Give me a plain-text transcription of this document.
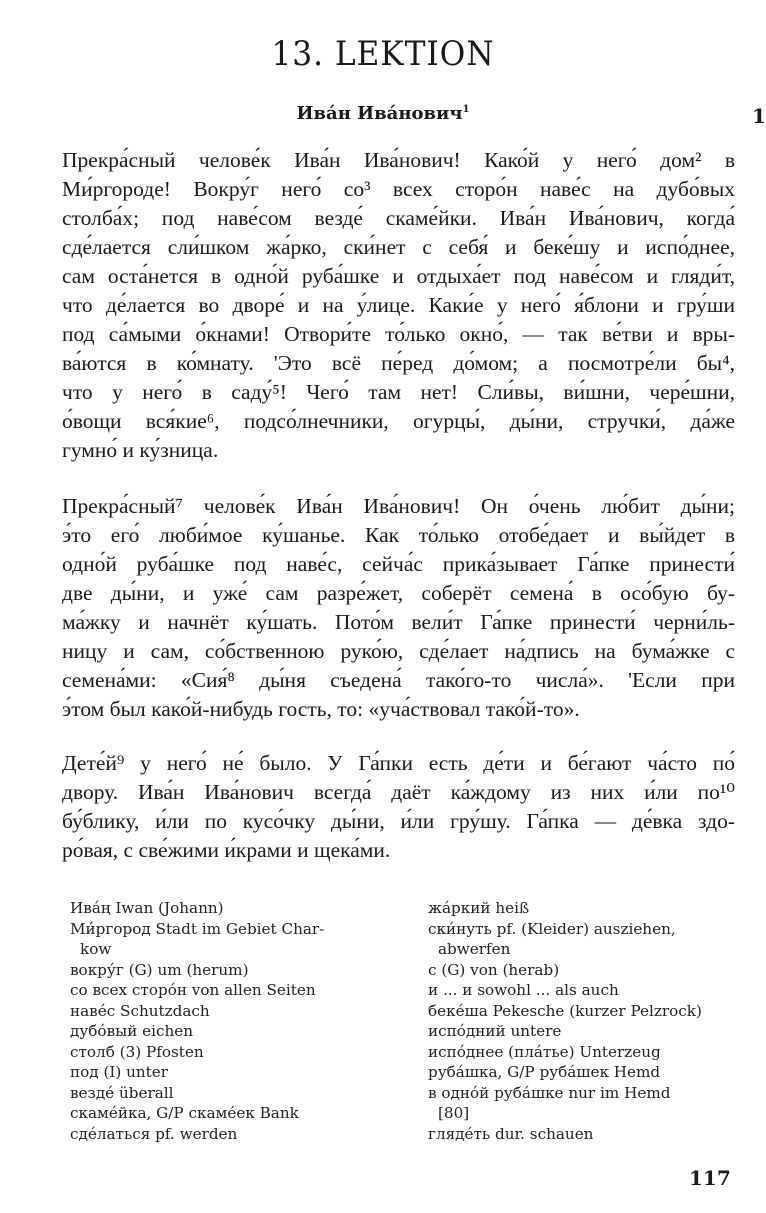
13. LEKTION
Ива́н Ива́нович$^1$	1
Прекра́сный челове́к Ива́н Ива́нович! Како́й у него́ дом² в
Ми́ргороде! Вокру́г него́ со³ всех сторо́н наве́с на дубо́вых
столба́х; под наве́сом везде́ скаме́йки. Ива́н Ива́нович, когда́
сде́лается сли́шком жа́рко, ски́нет с себя́ и беке́шу и испо́днее,
сам оста́нется в одно́й руба́шке и отдыха́ет под наве́сом и гляди́т,
что де́лается во дворе́ и на у́лице. Каки́е у него́ я́блони и гру́ши
под са́мыми о́кнами! Отвори́те то́лько окно́, — так ве́тви и вры-
ва́ются в ко́мнату. 'Это всё пе́ред до́мом; а посмотре́ли бы⁴,
что у него́ в саду́⁵! Чего́ там нет! Сли́вы, ви́шни, чере́шни,
о́вощи вся́кие⁶, подсо́лнечники, огурцы́, ды́ни, стручки́, да́же
гумно́ и ку́зница.
Прекра́сный⁷ челове́к Ива́н Ива́нович! Он о́чень лю́бит ды́ни;
э́то его́ люби́мое ку́шанье. Как то́лько отобе́дает и вы́йдет в
одно́й руба́шке под наве́с, сейча́с прика́зывает Га́пке принести́
две ды́ни, и уже́ сам разре́жет, соберёт семена́ в осо́бую бу-
ма́жку и начнёт ку́шать. Пото́м вели́т Га́пке принести́ черни́ль-
ницу и сам, со́бственною руко́ю, сде́лает на́дпись на бума́жке с
семена́ми: «Сия́⁸ ды́ня съедена́ тако́го-то числа́». 'Если при
э́том был како́й-нибудь гость, то: «уча́ствовал тако́й-то».
Дете́й⁹ у него́ не́ было. У Га́пки есть де́ти и бе́гают ча́сто по́
двору. Ива́н Ива́нович всегда́ даёт ка́ждому из них и́ли по¹⁰
бу́блику, и́ли по кусо́чку ды́ни, и́ли гру́шу. Га́пка — де́вка здо-
ро́вая, с све́жими и́крами и щека́ми.
Ива́ң Iwan (Johann)
Ми́ргород Stadt im Gebiet Char-
kow
вокру́г (G) um (herum)
со всех сторо́н von allen Seiten
наве́с Schutzdach
дубо́вый eichen
столб (3) Pfosten
под (I) unter
везде́ überall
скаме́йка, G/P скаме́ек Bank
сде́латься pf. werden
жа́ркий heiß
ски́нуть pf. (Kleider) ausziehen,
abwerfen
с (G) von (herab)
и ... и sowohl ... als auch
беке́ша Pekesche (kurzer Pelzrock)
испо́дний untere
испо́днее (пла́тье) Unterzeug
руба́шка, G/P руба́шек Hemd
в одно́й руба́шке nur im Hemd
[80]
гляде́ть dur. schauen
117
